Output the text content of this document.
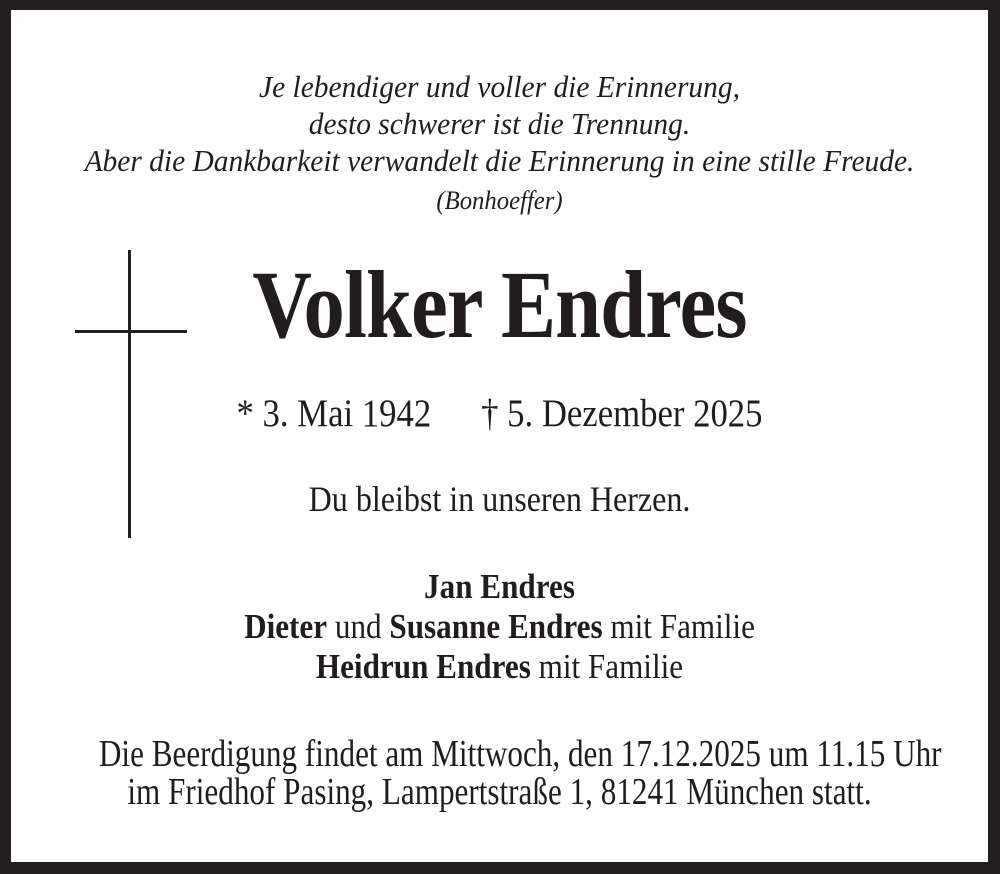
Je lebendiger und voller die Erinnerung,
desto schwerer ist die Trennung.
Aber die Dankbarkeit verwandelt die Erinnerung in eine stille Freude.
(Bonhoeffer)
Volker Endres
* 3. Mai 1942 † 5. Dezember 2025
Du bleibst in unseren Herzen.
Jan Endres
Dieter und Susanne Endres mit Familie
Heidrun Endres mit Familie
Die Beerdigung findet am Mittwoch, den 17.12.2025 um 11.15 Uhr
im Friedhof Pasing, Lampertstraße 1, 81241 München statt.
